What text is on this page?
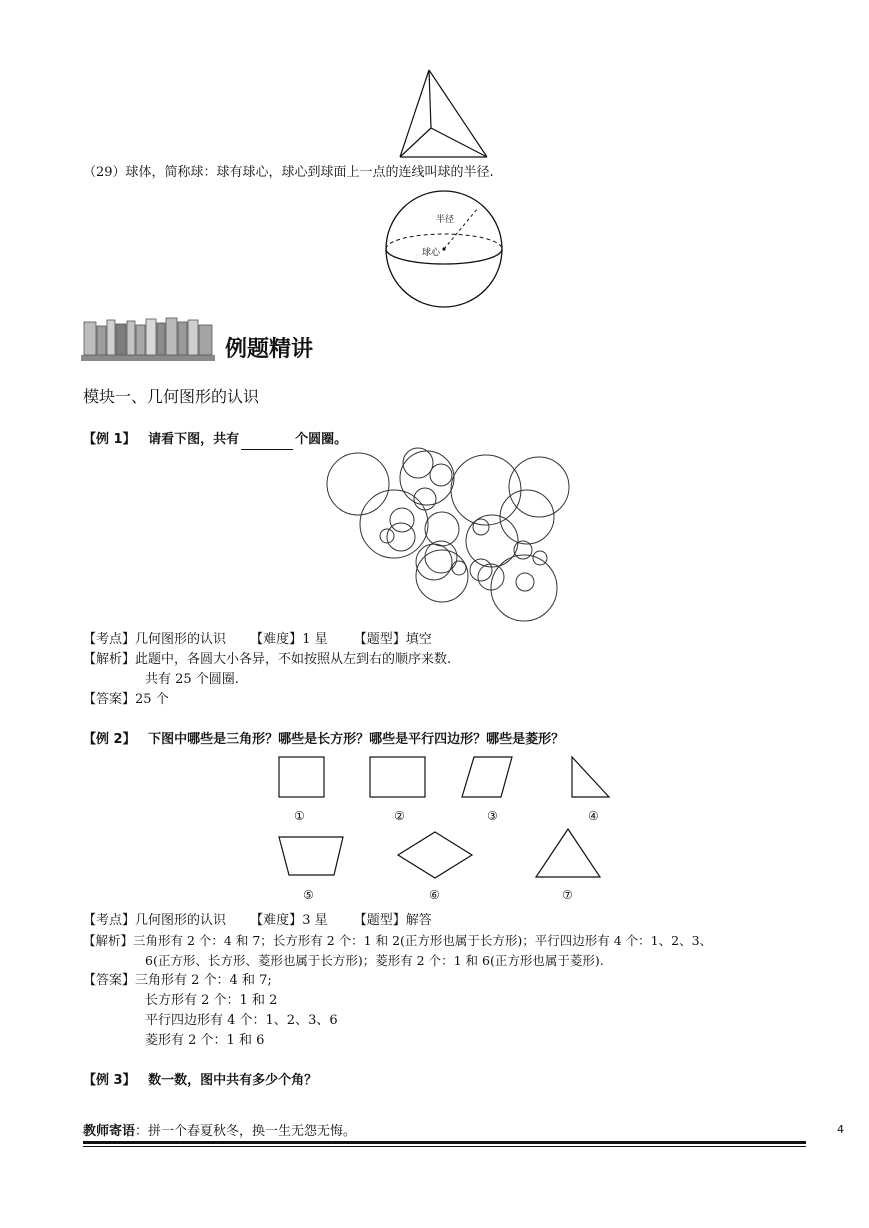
（29）球体，简称球：球有球心，球心到球面上一点的连线叫球的半径.
半径
球心
例题精讲
模块一、几何图形的认识
【例 1】 请看下图，共有	个圆圈。
【考点】几何图形的认识 【难度】1 星 【题型】填空
【解析】此题中，各圆大小各异，不如按照从左到右的顺序来数.
共有 25 个圆圈.
【答案】25 个
【例 2】 下图中哪些是三角形？哪些是长方形？哪些是平行四边形？哪些是菱形？
①	②	③	④
⑤	⑥	⑦
【考点】几何图形的认识 【难度】3 星 【题型】解答
【解析】三角形有 2 个：4 和 7；长方形有 2 个：1 和 2(正方形也属于长方形)；平行四边形有 4 个：1、2、3、
6(正方形、长方形、菱形也属于长方形)；菱形有 2 个：1 和 6(正方形也属于菱形).
【答案】三角形有 2 个：4 和 7;
长方形有 2 个：1 和 2
平行四边形有 4 个：1、2、3、6
菱形有 2 个：1 和 6
【例 3】 数一数，图中共有多少个角？
教师寄语：拼一个春夏秋冬，换一生无怨无悔。	4
